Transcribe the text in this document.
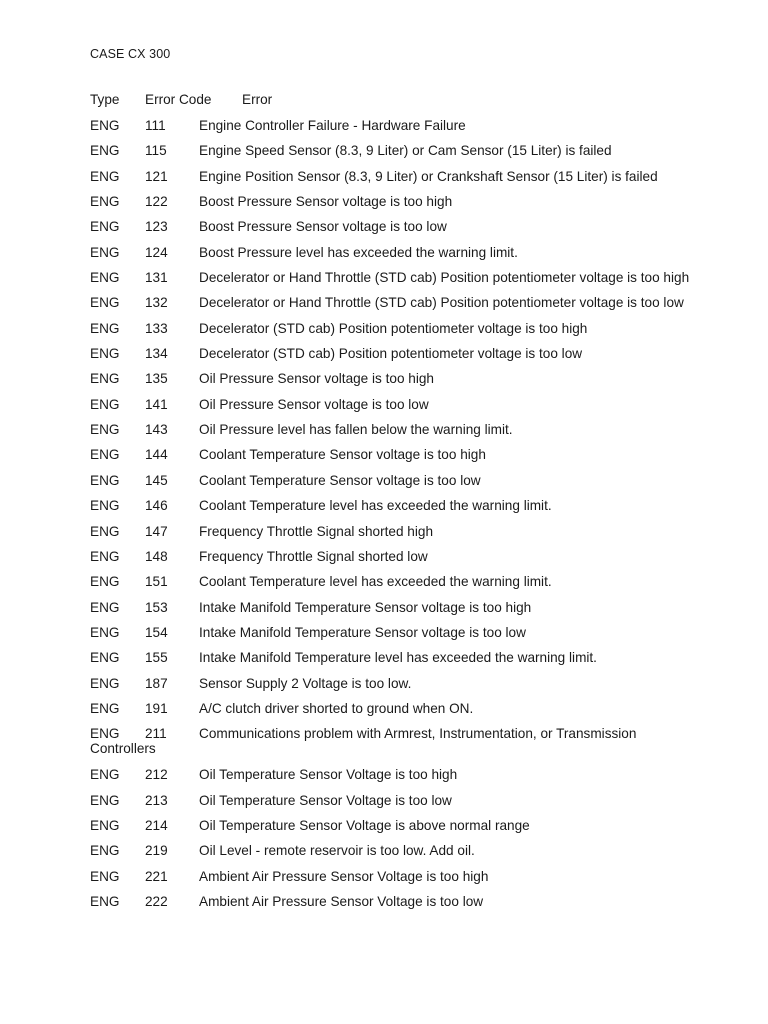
CASE CX 300
Type Error Code Error
ENG 111 Engine Controller Failure - Hardware Failure
ENG 115 Engine Speed Sensor (8.3, 9 Liter) or Cam Sensor (15 Liter) is failed
ENG 121 Engine Position Sensor (8.3, 9 Liter) or Crankshaft Sensor (15 Liter) is failed
ENG 122 Boost Pressure Sensor voltage is too high
ENG 123 Boost Pressure Sensor voltage is too low
ENG 124 Boost Pressure level has exceeded the warning limit.
ENG 131 Decelerator or Hand Throttle (STD cab) Position potentiometer voltage is too high
ENG 132 Decelerator or Hand Throttle (STD cab) Position potentiometer voltage is too low
ENG 133 Decelerator (STD cab) Position potentiometer voltage is too high
ENG 134 Decelerator (STD cab) Position potentiometer voltage is too low
ENG 135 Oil Pressure Sensor voltage is too high
ENG 141 Oil Pressure Sensor voltage is too low
ENG 143 Oil Pressure level has fallen below the warning limit.
ENG 144 Coolant Temperature Sensor voltage is too high
ENG 145 Coolant Temperature Sensor voltage is too low
ENG 146 Coolant Temperature level has exceeded the warning limit.
ENG 147 Frequency Throttle Signal shorted high
ENG 148 Frequency Throttle Signal shorted low
ENG 151 Coolant Temperature level has exceeded the warning limit.
ENG 153 Intake Manifold Temperature Sensor voltage is too high
ENG 154 Intake Manifold Temperature Sensor voltage is too low
ENG 155 Intake Manifold Temperature level has exceeded the warning limit.
ENG 187 Sensor Supply 2 Voltage is too low.
ENG 191 A/C clutch driver shorted to ground when ON.
ENG 211 Communications problem with Armrest, Instrumentation, or Transmission
Controllers
ENG 212 Oil Temperature Sensor Voltage is too high
ENG 213 Oil Temperature Sensor Voltage is too low
ENG 214 Oil Temperature Sensor Voltage is above normal range
ENG 219 Oil Level - remote reservoir is too low. Add oil.
ENG 221 Ambient Air Pressure Sensor Voltage is too high
ENG 222 Ambient Air Pressure Sensor Voltage is too low
